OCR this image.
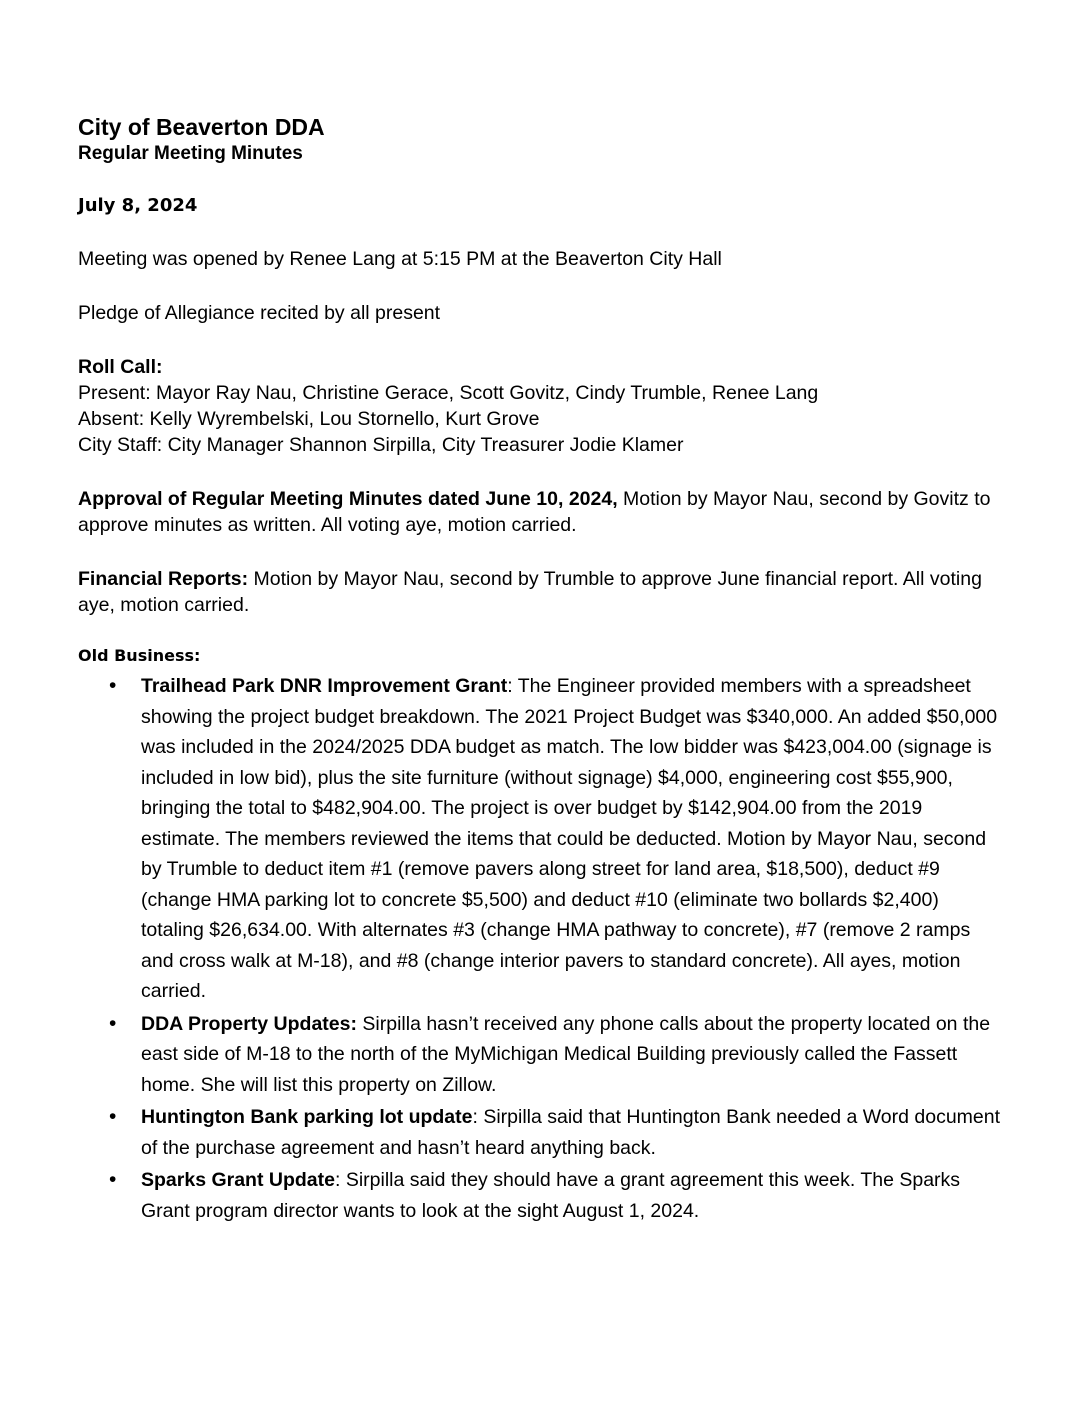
City of Beaverton DDA

Regular Meeting Minutes

July 8, 2024

Meeting was opened by Renee Lang at 5:15 PM at the Beaverton City Hall

Pledge of Allegiance recited by all present

Roll Call:

Present: Mayor Ray Nau, Christine Gerace, Scott Govitz, Cindy Trumble, Renee Lang

Absent: Kelly Wyrembelski, Lou Stornello, Kurt Grove

City Staff: City Manager Shannon Sirpilla, City Treasurer Jodie Klamer

Approval of Regular Meeting Minutes dated June 10, 2024, Motion by Mayor Nau, second by Govitz to approve minutes as written. All voting aye, motion carried.

Financial Reports: Motion by Mayor Nau, second by Trumble to approve June financial report. All voting aye, motion carried.

Old Business:

• Trailhead Park DNR Improvement Grant: The Engineer provided members with a spreadsheet showing the project budget breakdown. The 2021 Project Budget was $340,000. An added $50,000 was included in the 2024/2025 DDA budget as match. The low bidder was $423,004.00 (signage is included in low bid), plus the site furniture (without signage) $4,000, engineering cost $55,900, bringing the total to $482,904.00. The project is over budget by $142,904.00 from the 2019 estimate. The members reviewed the items that could be deducted. Motion by Mayor Nau, second by Trumble to deduct item #1 (remove pavers along street for land area, $18,500), deduct #9 (change HMA parking lot to concrete $5,500) and deduct #10 (eliminate two bollards $2,400) totaling $26,634.00. With alternates #3 (change HMA pathway to concrete), #7 (remove 2 ramps and cross walk at M-18), and #8 (change interior pavers to standard concrete). All ayes, motion carried.
• DDA Property Updates: Sirpilla hasn’t received any phone calls about the property located on the east side of M-18 to the north of the MyMichigan Medical Building previously called the Fassett home. She will list this property on Zillow.
• Huntington Bank parking lot update: Sirpilla said that Huntington Bank needed a Word document of the purchase agreement and hasn’t heard anything back.
• Sparks Grant Update: Sirpilla said they should have a grant agreement this week. The Sparks Grant program director wants to look at the sight August 1, 2024.
